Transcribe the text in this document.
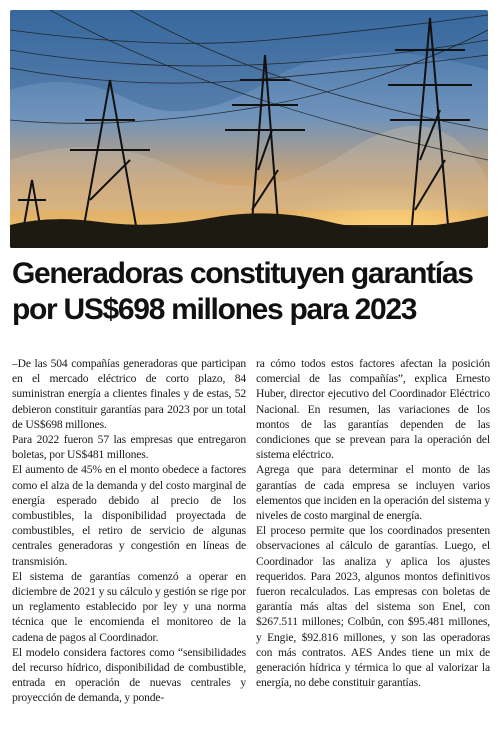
Generadoras constituyen garantías por US$698 millones para 2023

–De las 504 compañías generadoras que participan en el mercado eléctrico de corto plazo, 84 suministran energía a clientes finales y de estas, 52 debieron constituir garantías para 2023 por un total de US$698 millones.

Para 2022 fueron 57 las empresas que entregaron boletas, por US$481 millones.

El aumento de 45% en el monto obedece a factores como el alza de la demanda y del costo marginal de energía esperado debido al precio de los combustibles, la disponibilidad proyectada de combustibles, el retiro de servicio de algunas centrales generadoras y congestión en líneas de transmisión.

El sistema de garantías comenzó a operar en diciembre de 2021 y su cálculo y gestión se rige por un reglamento establecido por ley y una norma técnica que le encomienda el monitoreo de la cadena de pagos al Coordinador.

El modelo considera factores como “sensibilidades del recurso hídrico, disponibilidad de combustible, entrada en operación de nuevas centrales y proyección de demanda, y ponde-

ra cómo todos estos factores afectan la posición comercial de las compañías”, explica Ernesto Huber, director ejecutivo del Coordinador Eléctrico Nacional. En resumen, las variaciones de los montos de las garantías dependen de las condiciones que se prevean para la operación del sistema eléctrico.

Agrega que para determinar el monto de las garantías de cada empresa se incluyen varios elementos que inciden en la operación del sistema y niveles de costo marginal de energía.

El proceso permite que los coordinados presenten observaciones al cálculo de garantías. Luego, el Coordinador las analiza y aplica los ajustes requeridos. Para 2023, algunos montos definitivos fueron recalculados. Las empresas con boletas de garantía más altas del sistema son Enel, con $267.511 millones; Colbún, con $95.481 millones, y Engie, $92.816 millones, y son las operadoras con más contratos. AES Andes tiene un mix de generación hídrica y térmica lo que al valorizar la energía, no debe constituir garantías.
